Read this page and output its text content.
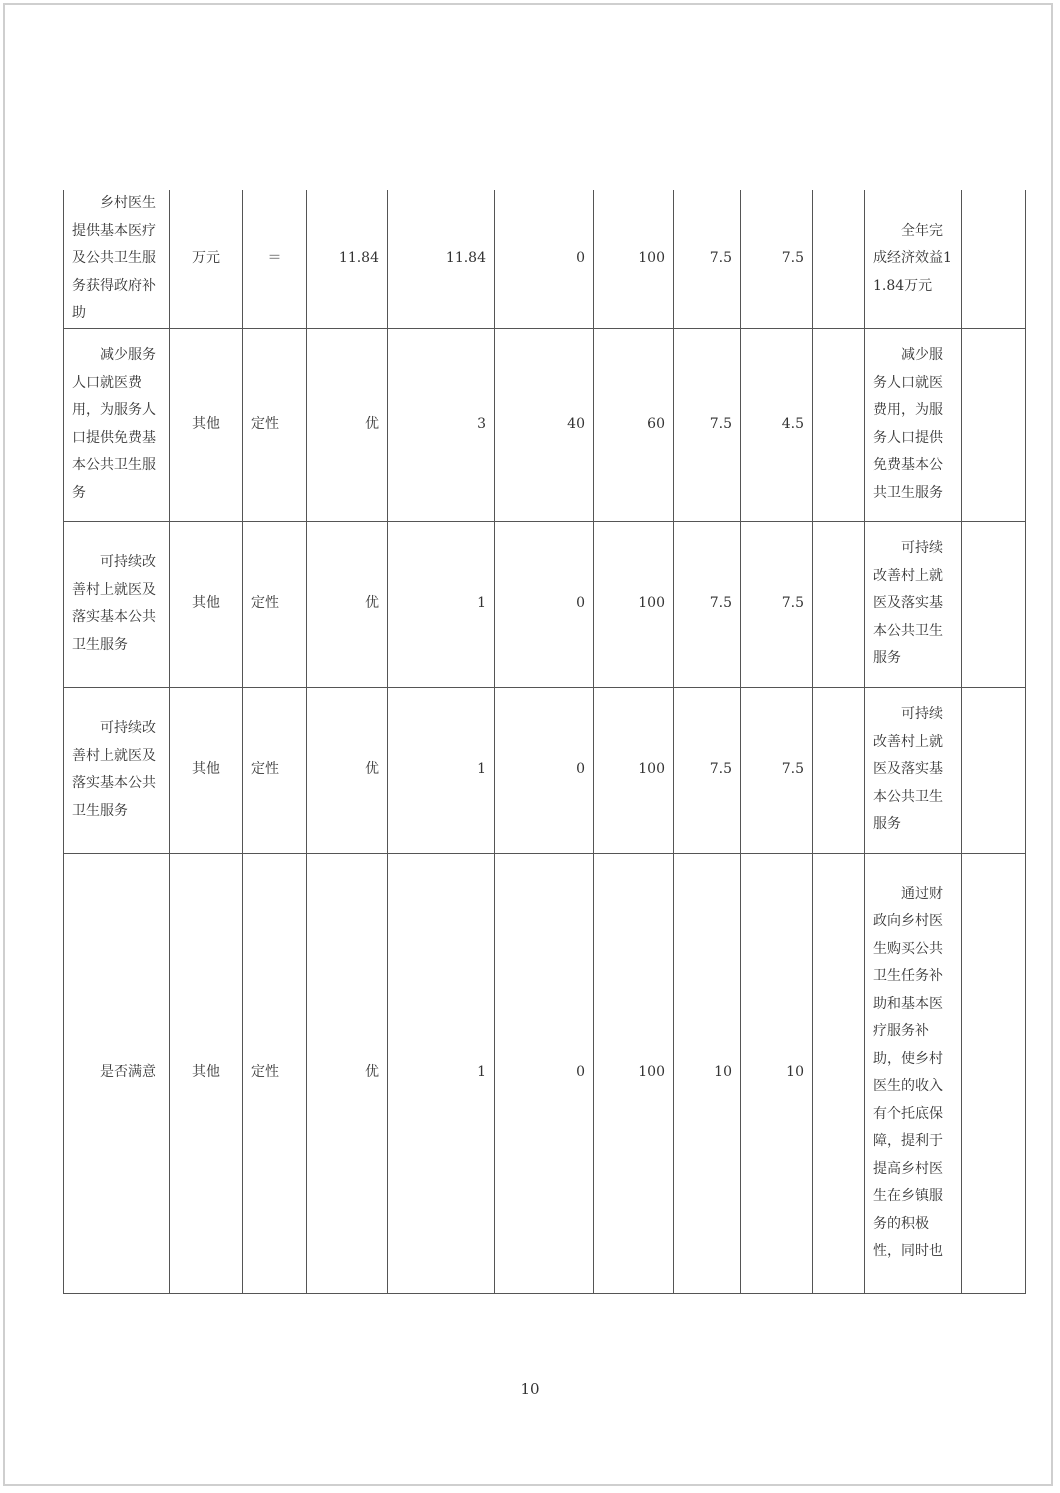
乡村医生提供基本医疗及公共卫生服务获得政府补助	万元	＝	11.84	11.84	0	100	7.5	7.5		全年完成经济效益11.84万元	
减少服务人口就医费用，为服务人口提供免费基本公共卫生服务	其他	定性	优	3	40	60	7.5	4.5		减少服务人口就医费用，为服务人口提供免费基本公共卫生服务	
可持续改善村上就医及落实基本公共卫生服务	其他	定性	优	1	0	100	7.5	7.5		可持续改善村上就医及落实基本公共卫生服务	
可持续改善村上就医及落实基本公共卫生服务	其他	定性	优	1	0	100	7.5	7.5		可持续改善村上就医及落实基本公共卫生服务	
是否满意	其他	定性	优	1	0	100	10	10		通过财政向乡村医生购买公共卫生任务补助和基本医疗服务补助，使乡村医生的收入有个托底保障，提利于提高乡村医生在乡镇服务的积极性，同时也	
10
